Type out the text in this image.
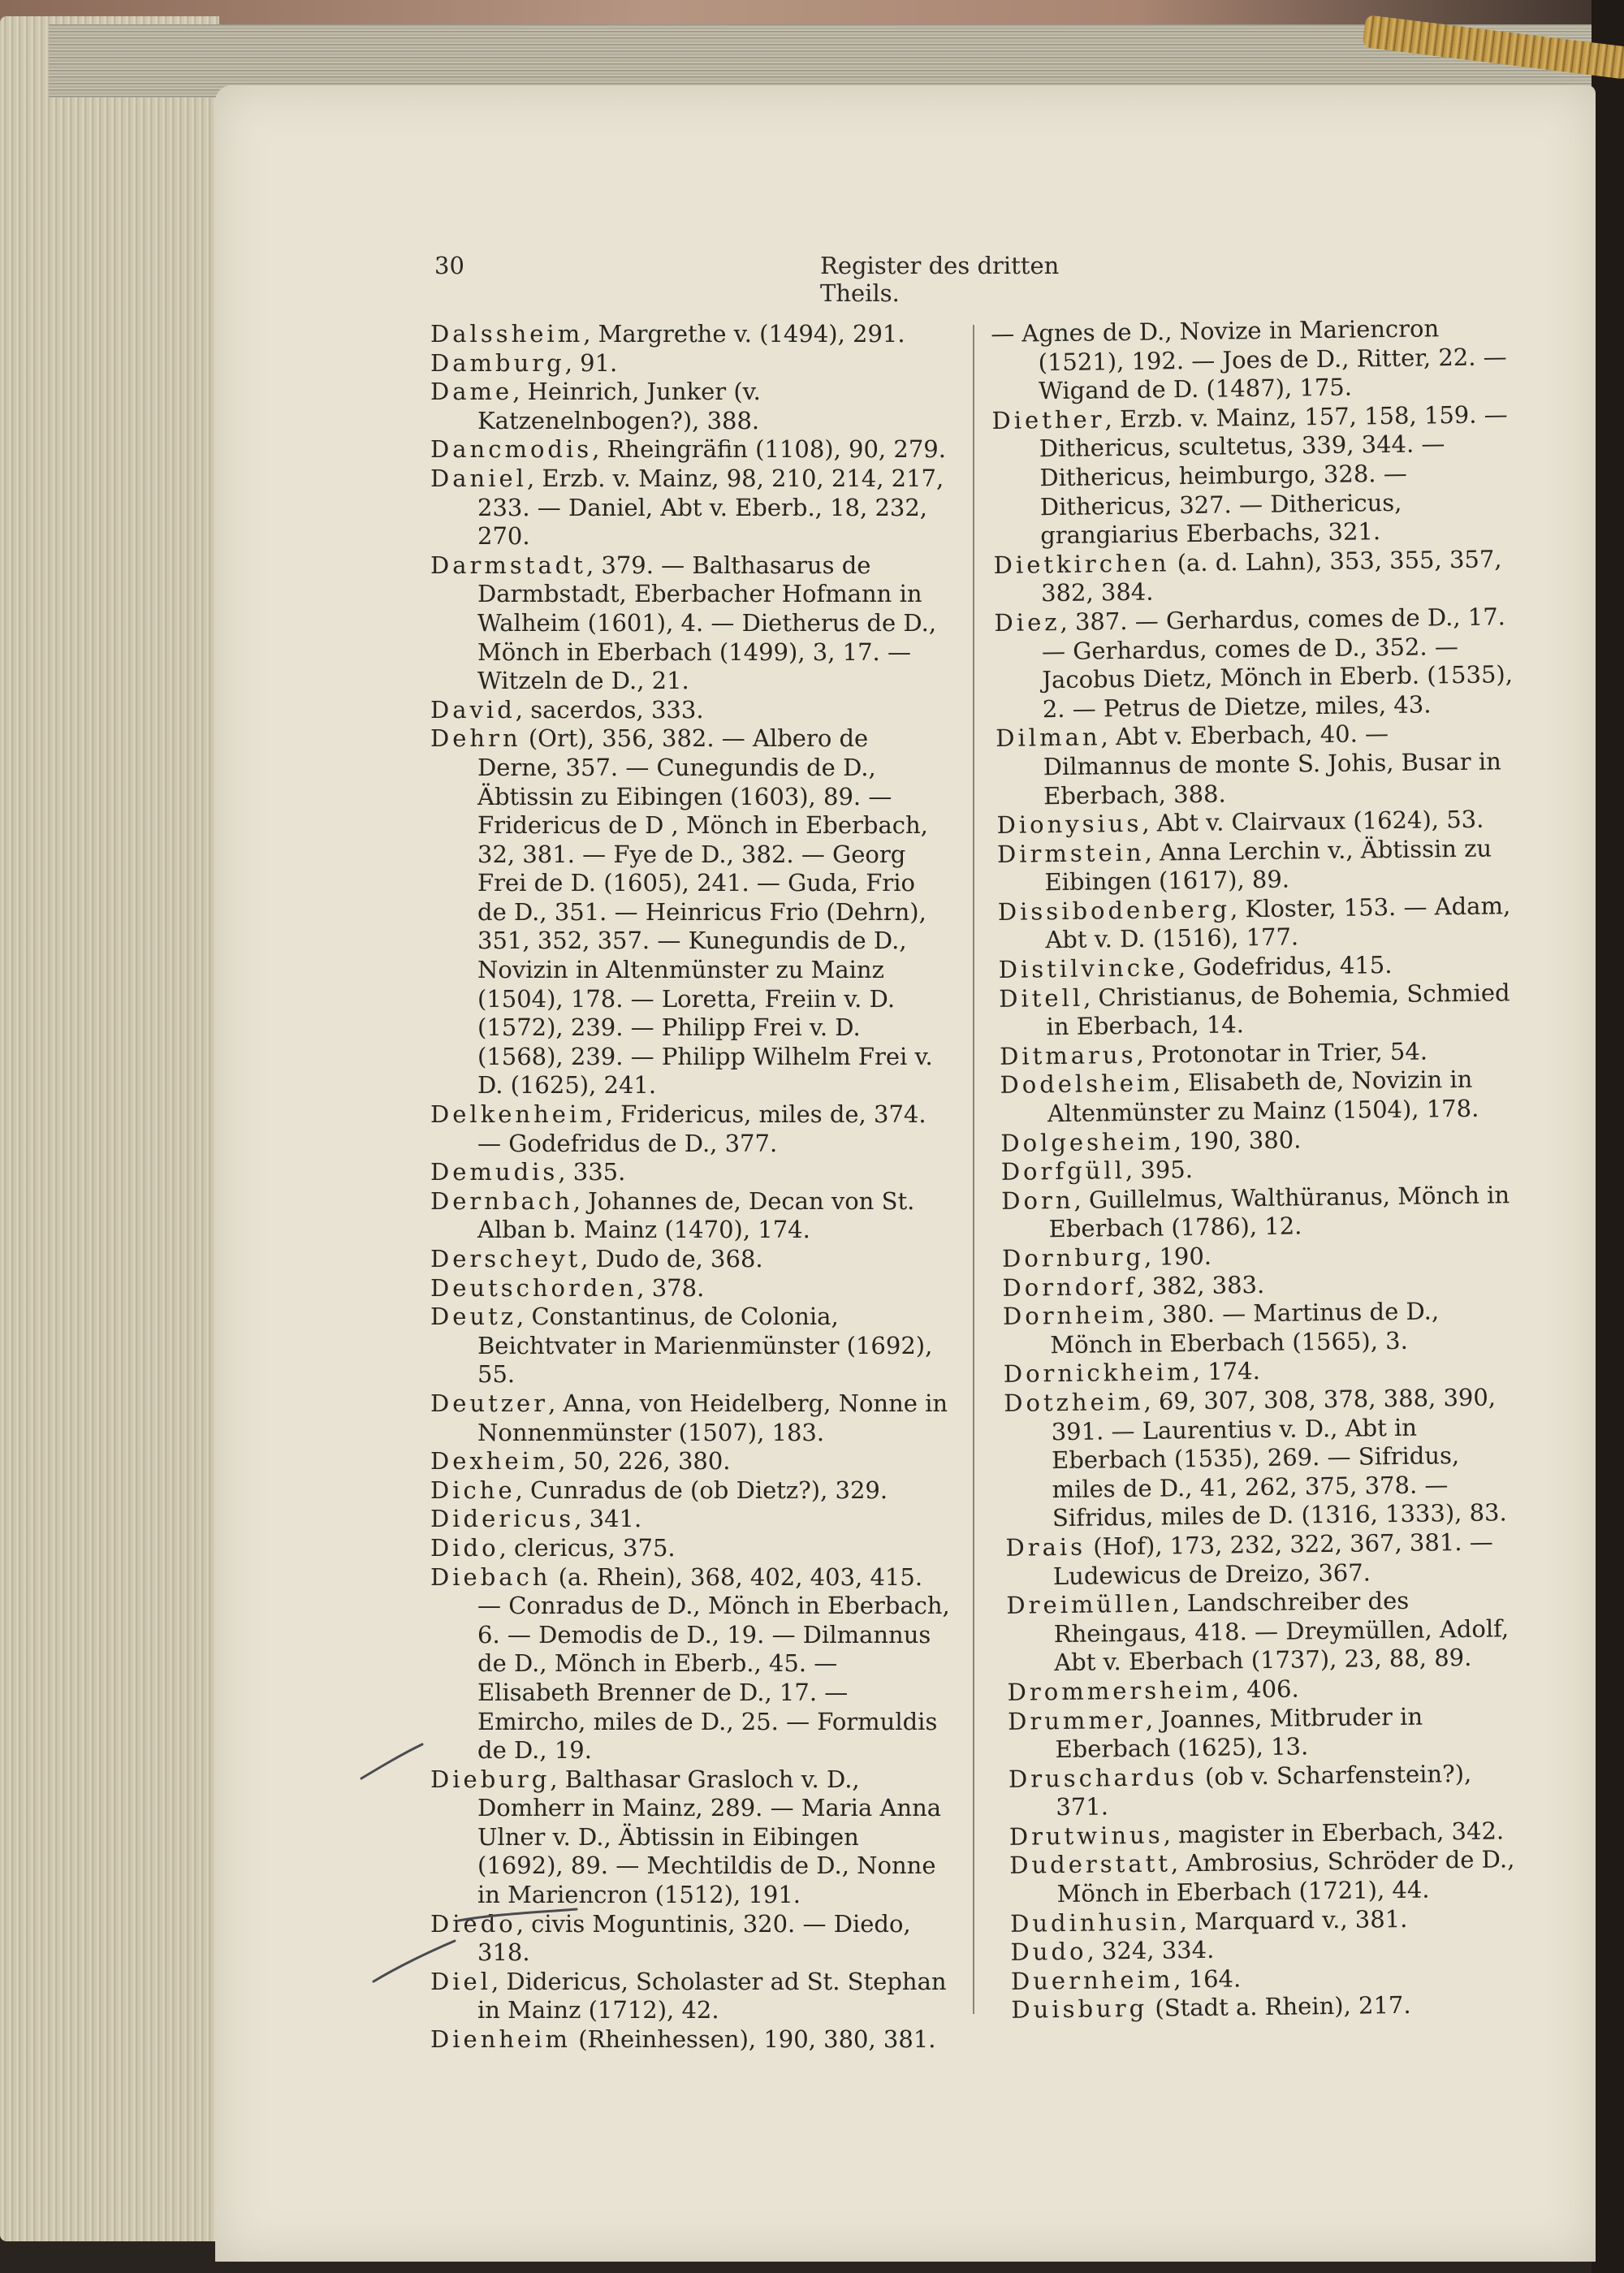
30	Register des dritten Theils.

Dalssheim, Margrethe v. (1494), 291.

Damburg, 91.

Dame, Heinrich, Junker (v. Katzenelnbogen?), 388.

Dancmodis, Rheingräfin (1108), 90, 279.

Daniel, Erzb. v. Mainz, 98, 210, 214, 217, 233. — Daniel, Abt v. Eberb., 18, 232, 270.

Darmstadt, 379. — Balthasarus de Darmbstadt, Eberbacher Hofmann in Walheim (1601), 4. — Dietherus de D., Mönch in Eberbach (1499), 3, 17. — Witzeln de D., 21.

David, sacerdos, 333.

Dehrn (Ort), 356, 382. — Albero de Derne, 357. — Cunegundis de D., Äbtissin zu Eibingen (1603), 89. — Fridericus de D , Mönch in Eberbach, 32, 381. — Fye de D., 382. — Georg Frei de D. (1605), 241. — Guda, Frio de D., 351. — Heinricus Frio (Dehrn), 351, 352, 357. — Kunegundis de D., Novizin in Altenmünster zu Mainz (1504), 178. — Loretta, Freiin v. D. (1572), 239. — Philipp Frei v. D. (1568), 239. — Philipp Wilhelm Frei v. D. (1625), 241.

Delkenheim, Fridericus, miles de, 374. — Godefridus de D., 377.

Demudis, 335.

Dernbach, Johannes de, Decan von St. Alban b. Mainz (1470), 174.

Derscheyt, Dudo de, 368.

Deutschorden, 378.

Deutz, Constantinus, de Colonia, Beichtvater in Marienmünster (1692), 55.

Deutzer, Anna, von Heidelberg, Nonne in Nonnenmünster (1507), 183.

Dexheim, 50, 226, 380.

Diche, Cunradus de (ob Dietz?), 329.

Didericus, 341.

Dido, clericus, 375.

Diebach (a. Rhein), 368, 402, 403, 415. — Conradus de D., Mönch in Eberbach, 6. — Demodis de D., 19. — Dilmannus de D., Mönch in Eberb., 45. — Elisabeth Brenner de D., 17. — Emircho, miles de D., 25. — Formuldis de D., 19.

Dieburg, Balthasar Grasloch v. D., Domherr in Mainz, 289. — Maria Anna Ulner v. D., Äbtissin in Eibingen (1692), 89. — Mechtildis de D., Nonne in Mariencron (1512), 191.

Diedo, civis Moguntinis, 320. — Diedo, 318.

Diel, Didericus, Scholaster ad St. Stephan in Mainz (1712), 42.

Dienheim (Rheinhessen), 190, 380, 381.

— Agnes de D., Novize in Mariencron (1521), 192. — Joes de D., Ritter, 22. — Wigand de D. (1487), 175.

Diether, Erzb. v. Mainz, 157, 158, 159. — Dithericus, scultetus, 339, 344. — Dithericus, heimburgo, 328. — Dithericus, 327. — Dithericus, grangiarius Eberbachs, 321.

Dietkirchen (a. d. Lahn), 353, 355, 357, 382, 384.

Diez, 387. — Gerhardus, comes de D., 17. — Gerhardus, comes de D., 352. — Jacobus Dietz, Mönch in Eberb. (1535), 2. — Petrus de Dietze, miles, 43.

Dilman, Abt v. Eberbach, 40. — Dilmannus de monte S. Johis, Busar in Eberbach, 388.

Dionysius, Abt v. Clairvaux (1624), 53.

Dirmstein, Anna Lerchin v., Äbtissin zu Eibingen (1617), 89.

Dissibodenberg, Kloster, 153. — Adam, Abt v. D. (1516), 177.

Distilvincke, Godefridus, 415.

Ditell, Christianus, de Bohemia, Schmied in Eberbach, 14.

Ditmarus, Protonotar in Trier, 54.

Dodelsheim, Elisabeth de, Novizin in Altenmünster zu Mainz (1504), 178.

Dolgesheim, 190, 380.

Dorfgüll, 395.

Dorn, Guillelmus, Walthüranus, Mönch in Eberbach (1786), 12.

Dornburg, 190.

Dorndorf, 382, 383.

Dornheim, 380. — Martinus de D., Mönch in Eberbach (1565), 3.

Dornickheim, 174.

Dotzheim, 69, 307, 308, 378, 388, 390, 391. — Laurentius v. D., Abt in Eberbach (1535), 269. — Sifridus, miles de D., 41, 262, 375, 378. — Sifridus, miles de D. (1316, 1333), 83.

Drais (Hof), 173, 232, 322, 367, 381. — Ludewicus de Dreizo, 367.

Dreimüllen, Landschreiber des Rheingaus, 418. — Dreymüllen, Adolf, Abt v. Eberbach (1737), 23, 88, 89.

Drommersheim, 406.

Drummer, Joannes, Mitbruder in Eberbach (1625), 13.

Druschardus (ob v. Scharfenstein?), 371.

Drutwinus, magister in Eberbach, 342.

Duderstatt, Ambrosius, Schröder de D., Mönch in Eberbach (1721), 44.

Dudinhusin, Marquard v., 381.

Dudo, 324, 334.

Duernheim, 164.

Duisburg (Stadt a. Rhein), 217.
